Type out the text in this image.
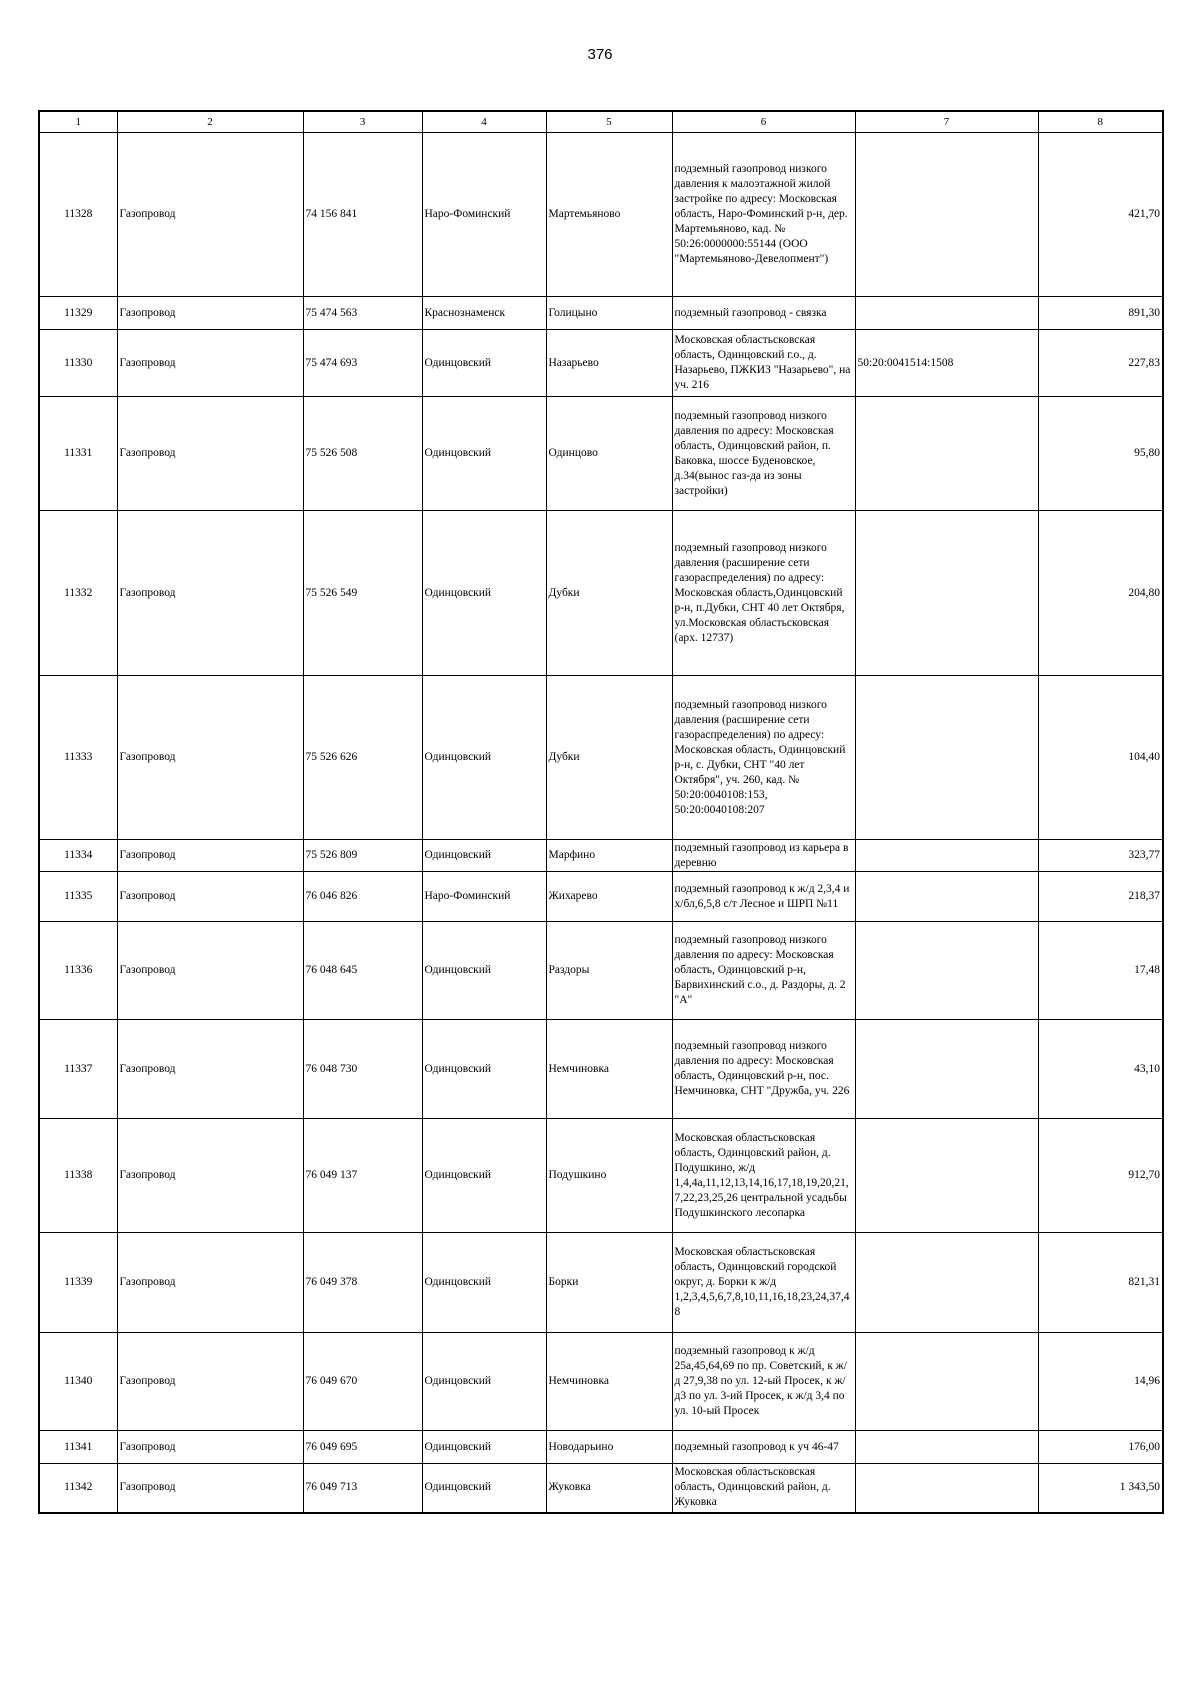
376
1	2	3	4	5	6	7	8
11328	Газопровод	74 156 841	Наро-Фоминский	Мартемьяново	подземный газопровод низкого давления к малоэтажной жилой застройке по адресу: Московская область, Наро-Фоминский р-н, дер. Мартемьяново, кад. № 50:26:0000000:55144 (ООО "Мартемьяново-Девелопмент")		421,70
11329	Газопровод	75 474 563	Краснознаменск	Голицыно	подземный газопровод - связка		891,30
11330	Газопровод	75 474 693	Одинцовский	Назарьево	Московская областьсковская область, Одинцовский г.о., д. Назарьево, ПЖКИЗ "Назарьево", на уч. 216	50:20:0041514:1508	227,83
11331	Газопровод	75 526 508	Одинцовский	Одинцово	подземный газопровод низкого давления по адресу: Московская область, Одинцовский район, п. Баковка, шоссе Буденовское, д.34(вынос газ-да из зоны застройки)		95,80
11332	Газопровод	75 526 549	Одинцовский	Дубки	подземный газопровод низкого давления (расширение сети газораспределения) по адресу: Московская область,Одинцовский р-н, п.Дубки, СНТ 40 лет Октября, ул.Московская областьсковская (арх. 12737)		204,80
11333	Газопровод	75 526 626	Одинцовский	Дубки	подземный газопровод низкого давления (расширение сети газораспределения) по адресу: Московская область, Одинцовский р-н, с. Дубки, СНТ "40 лет Октября", уч. 260, кад. № 50:20:0040108:153, 50:20:0040108:207		104,40
11334	Газопровод	75 526 809	Одинцовский	Марфино	подземный газопровод из карьера в деревню		323,77
11335	Газопровод	76 046 826	Наро-Фоминский	Жихарево	подземный газопровод к ж/д 2,3,4 и х/бл,6,5,8 с/т Лесное и ШРП №11		218,37
11336	Газопровод	76 048 645	Одинцовский	Раздоры	подземный газопровод низкого давления по адресу: Московская область, Одинцовский р-н, Барвихинский с.о., д. Раздоры, д. 2 "А"		17,48
11337	Газопровод	76 048 730	Одинцовский	Немчиновка	подземный газопровод низкого давления по адресу: Московская область, Одинцовский р-н, пос. Немчиновка, СНТ "Дружба, уч. 226		43,10
11338	Газопровод	76 049 137	Одинцовский	Подушкино	Московская областьсковская область, Одинцовский район, д. Подушкино, ж/д 1,4,4а,11,12,13,14,16,17,18,19,20,21,7,22,23,25,26 центральной усадьбы Подушкинского лесопарка		912,70
11339	Газопровод	76 049 378	Одинцовский	Борки	Московская областьсковская область, Одинцовский городской округ, д. Борки к ж/д 1,2,3,4,5,6,7,8,10,11,16,18,23,24,37,48		821,31
11340	Газопровод	76 049 670	Одинцовский	Немчиновка	подземный газопровод к ж/д 25а,45,64,69 по пр. Советский, к ж/д 27,9,38 по ул. 12-ый Просек, к ж/д3 по ул. 3-ий Просек, к ж/д 3,4 по ул. 10-ый Просек		14,96
11341	Газопровод	76 049 695	Одинцовский	Новодарьино	подземный газопровод к уч 46-47		176,00
11342	Газопровод	76 049 713	Одинцовский	Жуковка	Московская областьсковская область, Одинцовский район, д. Жуковка		1 343,50
